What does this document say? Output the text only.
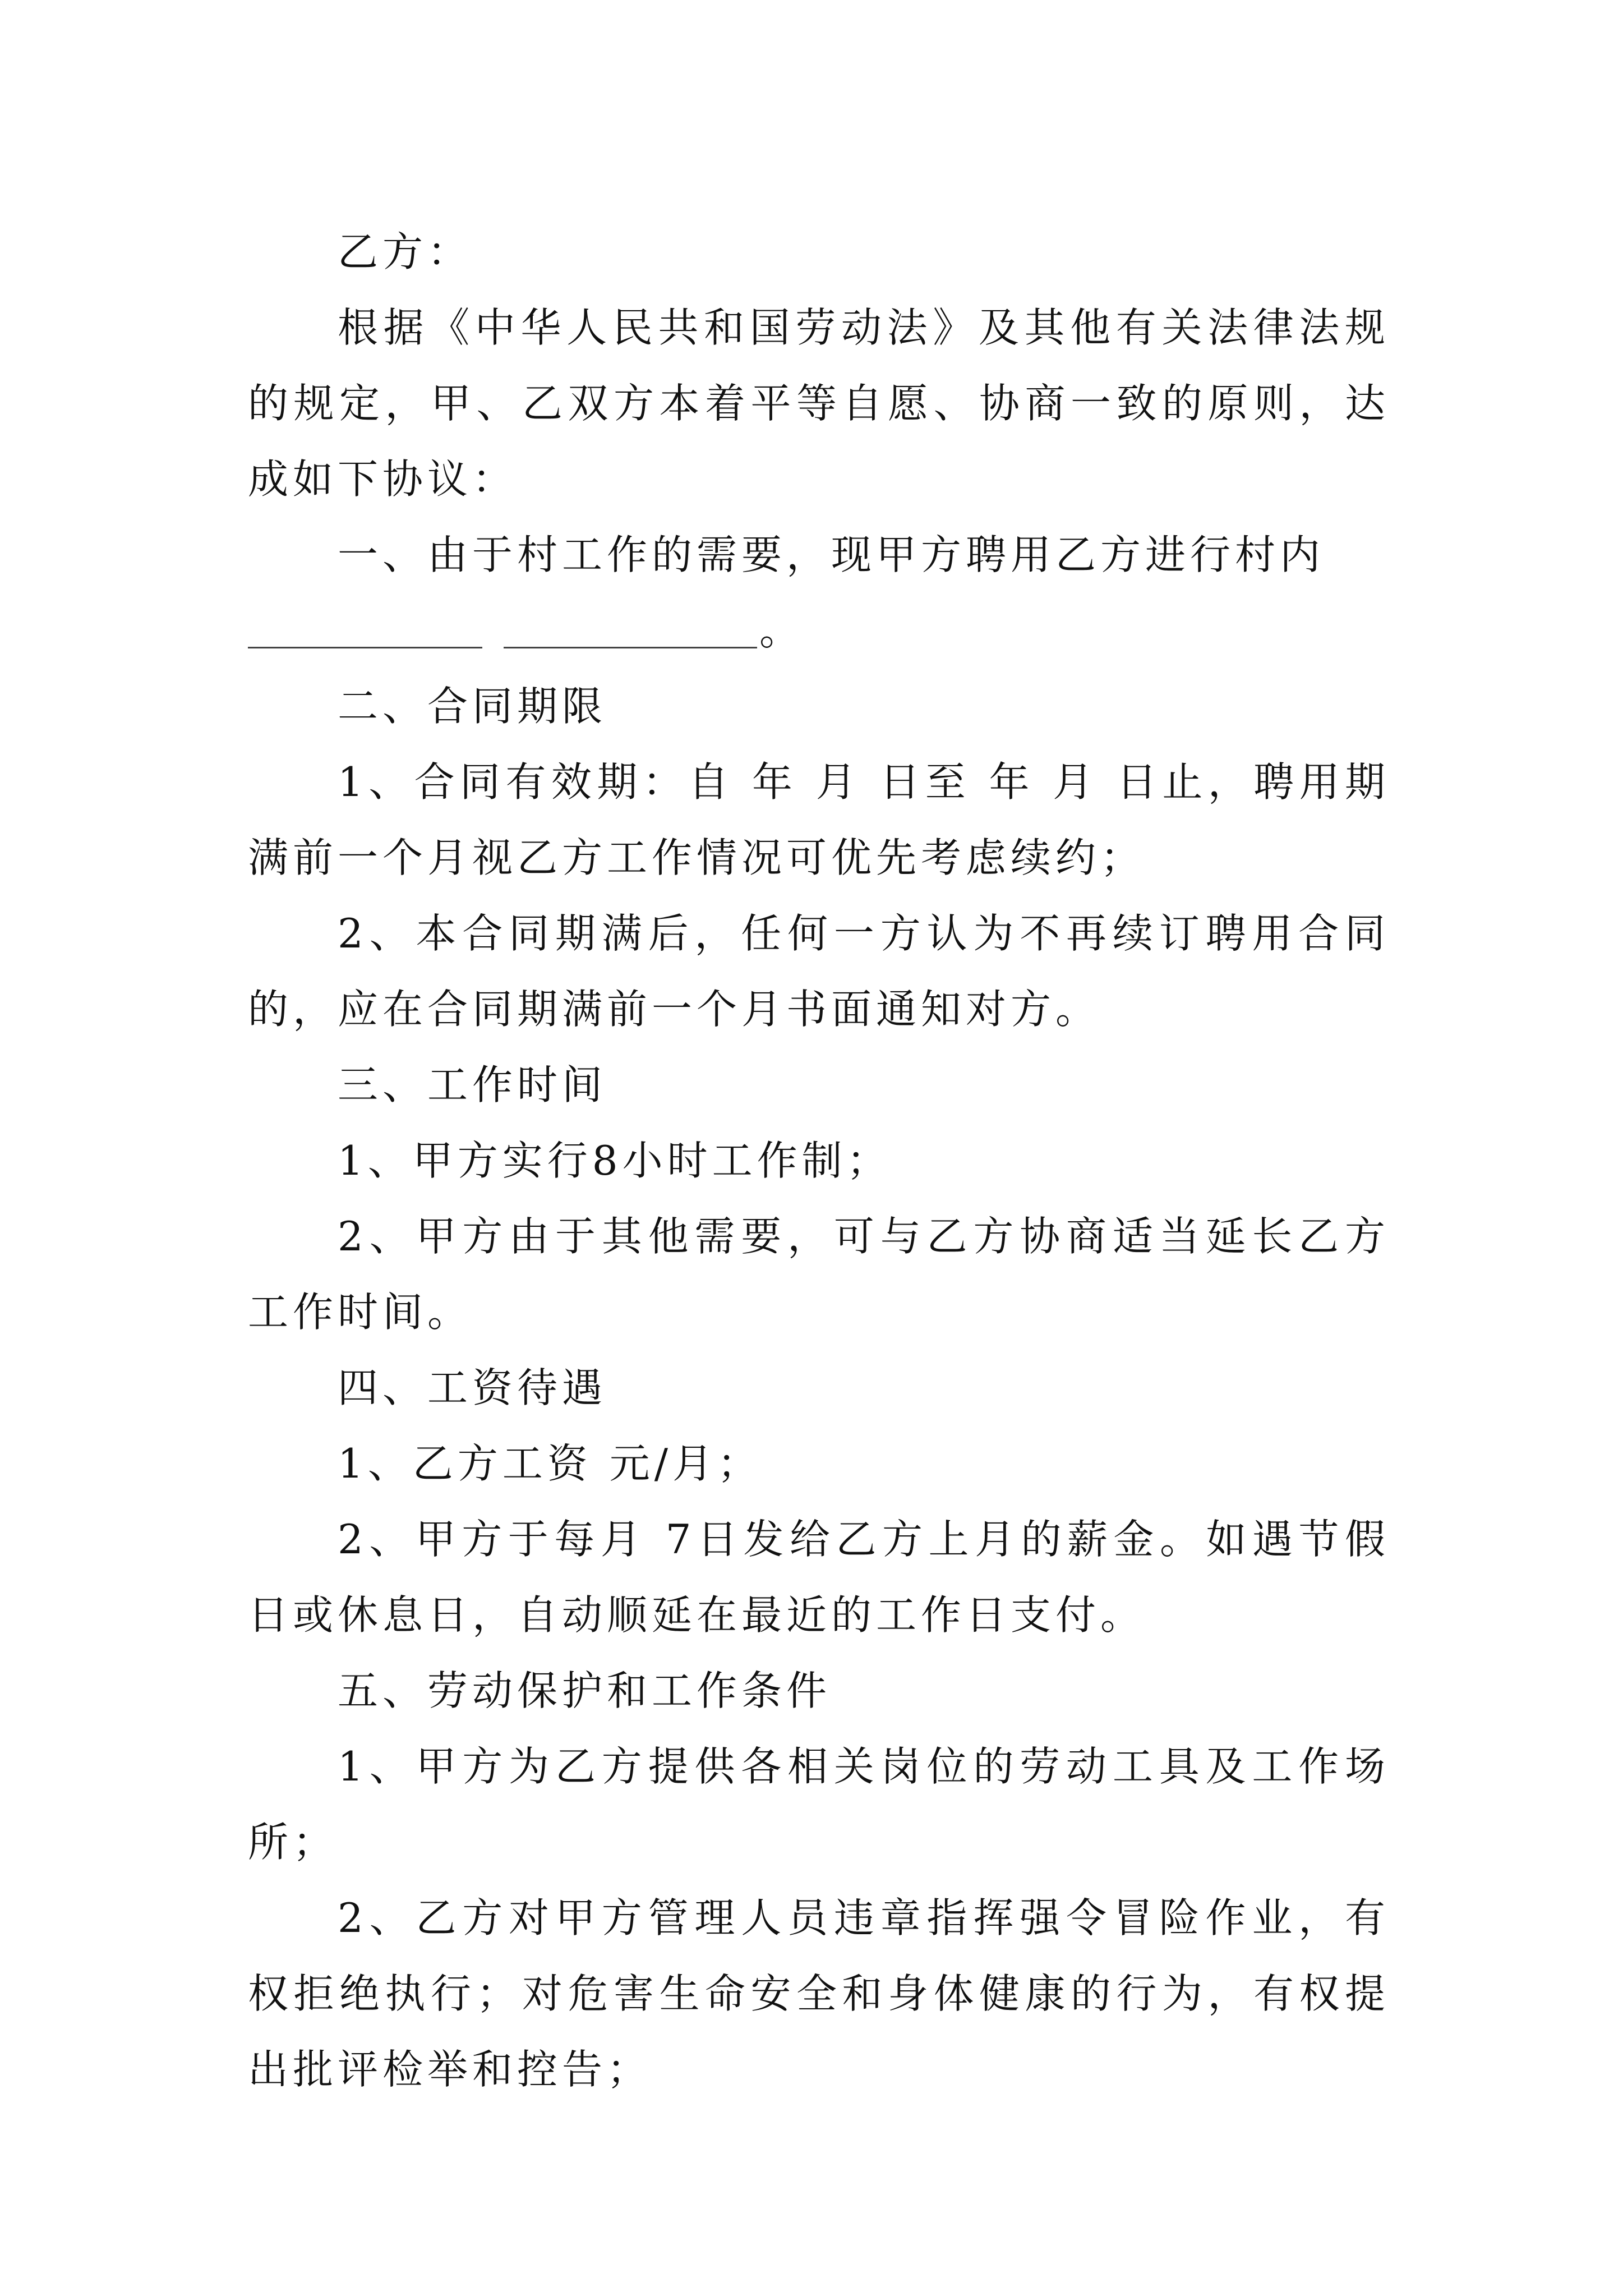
乙方：

根据《中华人民共和国劳动法》及其他有关法律法规的规定，甲、乙双方本着平等自愿、协商一致的原则，达成如下协议：

一、由于村工作的需要，现甲方聘用乙方进行村内

。

二、合同期限

1、合同有效期：自 年 月 日至 年 月 日止，聘用期满前一个月视乙方工作情况可优先考虑续约；

2、本合同期满后，任何一方认为不再续订聘用合同的，应在合同期满前一个月书面通知对方。

三、工作时间

1、甲方实行8小时工作制；

2、甲方由于其他需要，可与乙方协商适当延长乙方工作时间。

四、工资待遇

1、乙方工资 元/月；

2、甲方于每月 7日发给乙方上月的薪金。如遇节假日或休息日，自动顺延在最近的工作日支付。

五、劳动保护和工作条件

1、甲方为乙方提供各相关岗位的劳动工具及工作场所；

2、乙方对甲方管理人员违章指挥强令冒险作业，有权拒绝执行；对危害生命安全和身体健康的行为，有权提出批评检举和控告；
